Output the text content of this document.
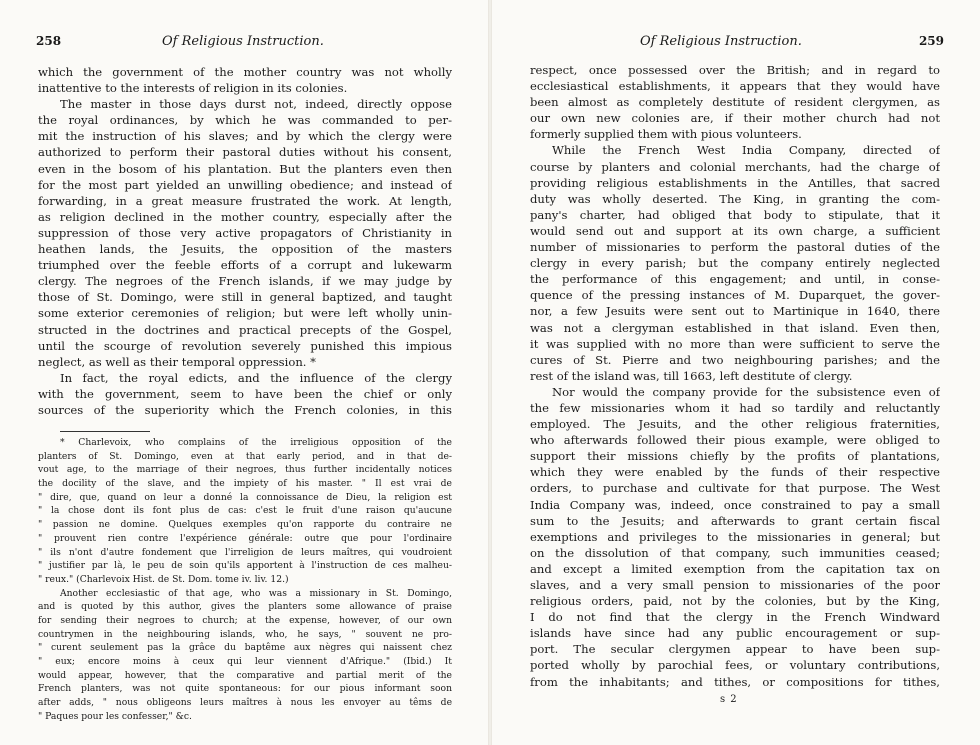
258	Of Religious Instruction.

which the government of the mother country was not wholly

inattentive to the interests of religion in its colonies.

The master in those days durst not, indeed, directly oppose

the royal ordinances, by which he was commanded to per-

mit the instruction of his slaves; and by which the clergy were

authorized to perform their pastoral duties without his consent,

even in the bosom of his plantation. But the planters even then

for the most part yielded an unwilling obedience; and instead of

forwarding, in a great measure frustrated the work. At length,

as religion declined in the mother country, especially after the

suppression of those very active propagators of Christianity in

heathen lands, the Jesuits, the opposition of the masters

triumphed over the feeble efforts of a corrupt and lukewarm

clergy. The negroes of the French islands, if we may judge by

those of St. Domingo, were still in general baptized, and taught

some exterior ceremonies of religion; but were left wholly unin-

structed in the doctrines and practical precepts of the Gospel,

until the scourge of revolution severely punished this impious

neglect, as well as their temporal oppression. *

In fact, the royal edicts, and the influence of the clergy

with the government, seem to have been the chief or only

sources of the superiority which the French colonies, in this

* Charlevoix, who complains of the irreligious opposition of the

planters of St. Domingo, even at that early period, and in that de-

vout age, to the marriage of their negroes, thus further incidentally notices

the docility of the slave, and the impiety of his master. " Il est vrai de

" dire, que, quand on leur a donné la connoissance de Dieu, la religion est

" la chose dont ils font plus de cas: c'est le fruit d'une raison qu'aucune

" passion ne domine. Quelques exemples qu'on rapporte du contraire ne

" prouvent rien contre l'expérience générale: outre que pour l'ordinaire

" ils n'ont d'autre fondement que l'irreligion de leurs maîtres, qui voudroient

" justifier par là, le peu de soin qu'ils apportent à l'instruction de ces malheu-

" reux." (Charlevoix Hist. de St. Dom. tome iv. liv. 12.)

Another ecclesiastic of that age, who was a missionary in St. Domingo,

and is quoted by this author, gives the planters some allowance of praise

for sending their negroes to church; at the expense, however, of our own

countrymen in the neighbouring islands, who, he says, " souvent ne pro-

" curent seulement pas la grâce du baptême aux nègres qui naissent chez

" eux; encore moins à ceux qui leur viennent d'Afrique." (Ibid.) It

would appear, however, that the comparative and partial merit of the

French planters, was not quite spontaneous: for our pious informant soon

after adds, " nous obligeons leurs maîtres à nous les envoyer au têms de

" Paques pour les confesser," &c.

Of Religious Instruction.	259

respect, once possessed over the British; and in regard to

ecclesiastical establishments, it appears that they would have

been almost as completely destitute of resident clergymen, as

our own new colonies are, if their mother church had not

formerly supplied them with pious volunteers.

While the French West India Company, directed of

course by planters and colonial merchants, had the charge of

providing religious establishments in the Antilles, that sacred

duty was wholly deserted. The King, in granting the com-

pany's charter, had obliged that body to stipulate, that it

would send out and support at its own charge, a sufficient

number of missionaries to perform the pastoral duties of the

clergy in every parish; but the company entirely neglected

the performance of this engagement; and until, in conse-

quence of the pressing instances of M. Duparquet, the gover-

nor, a few Jesuits were sent out to Martinique in 1640, there

was not a clergyman established in that island. Even then,

it was supplied with no more than were sufficient to serve the

cures of St. Pierre and two neighbouring parishes; and the

rest of the island was, till 1663, left destitute of clergy.

Nor would the company provide for the subsistence even of

the few missionaries whom it had so tardily and reluctantly

employed. The Jesuits, and the other religious fraternities,

who afterwards followed their pious example, were obliged to

support their missions chiefly by the profits of plantations,

which they were enabled by the funds of their respective

orders, to purchase and cultivate for that purpose. The West

India Company was, indeed, once constrained to pay a small

sum to the Jesuits; and afterwards to grant certain fiscal

exemptions and privileges to the missionaries in general; but

on the dissolution of that company, such immunities ceased;

and except a limited exemption from the capitation tax on

slaves, and a very small pension to missionaries of the poor

religious orders, paid, not by the colonies, but by the King,

I do not find that the clergy in the French Windward

islands have since had any public encouragement or sup-

port. The secular clergymen appear to have been sup-

ported wholly by parochial fees, or voluntary contributions,

from the inhabitants; and tithes, or compositions for tithes,

s 2
